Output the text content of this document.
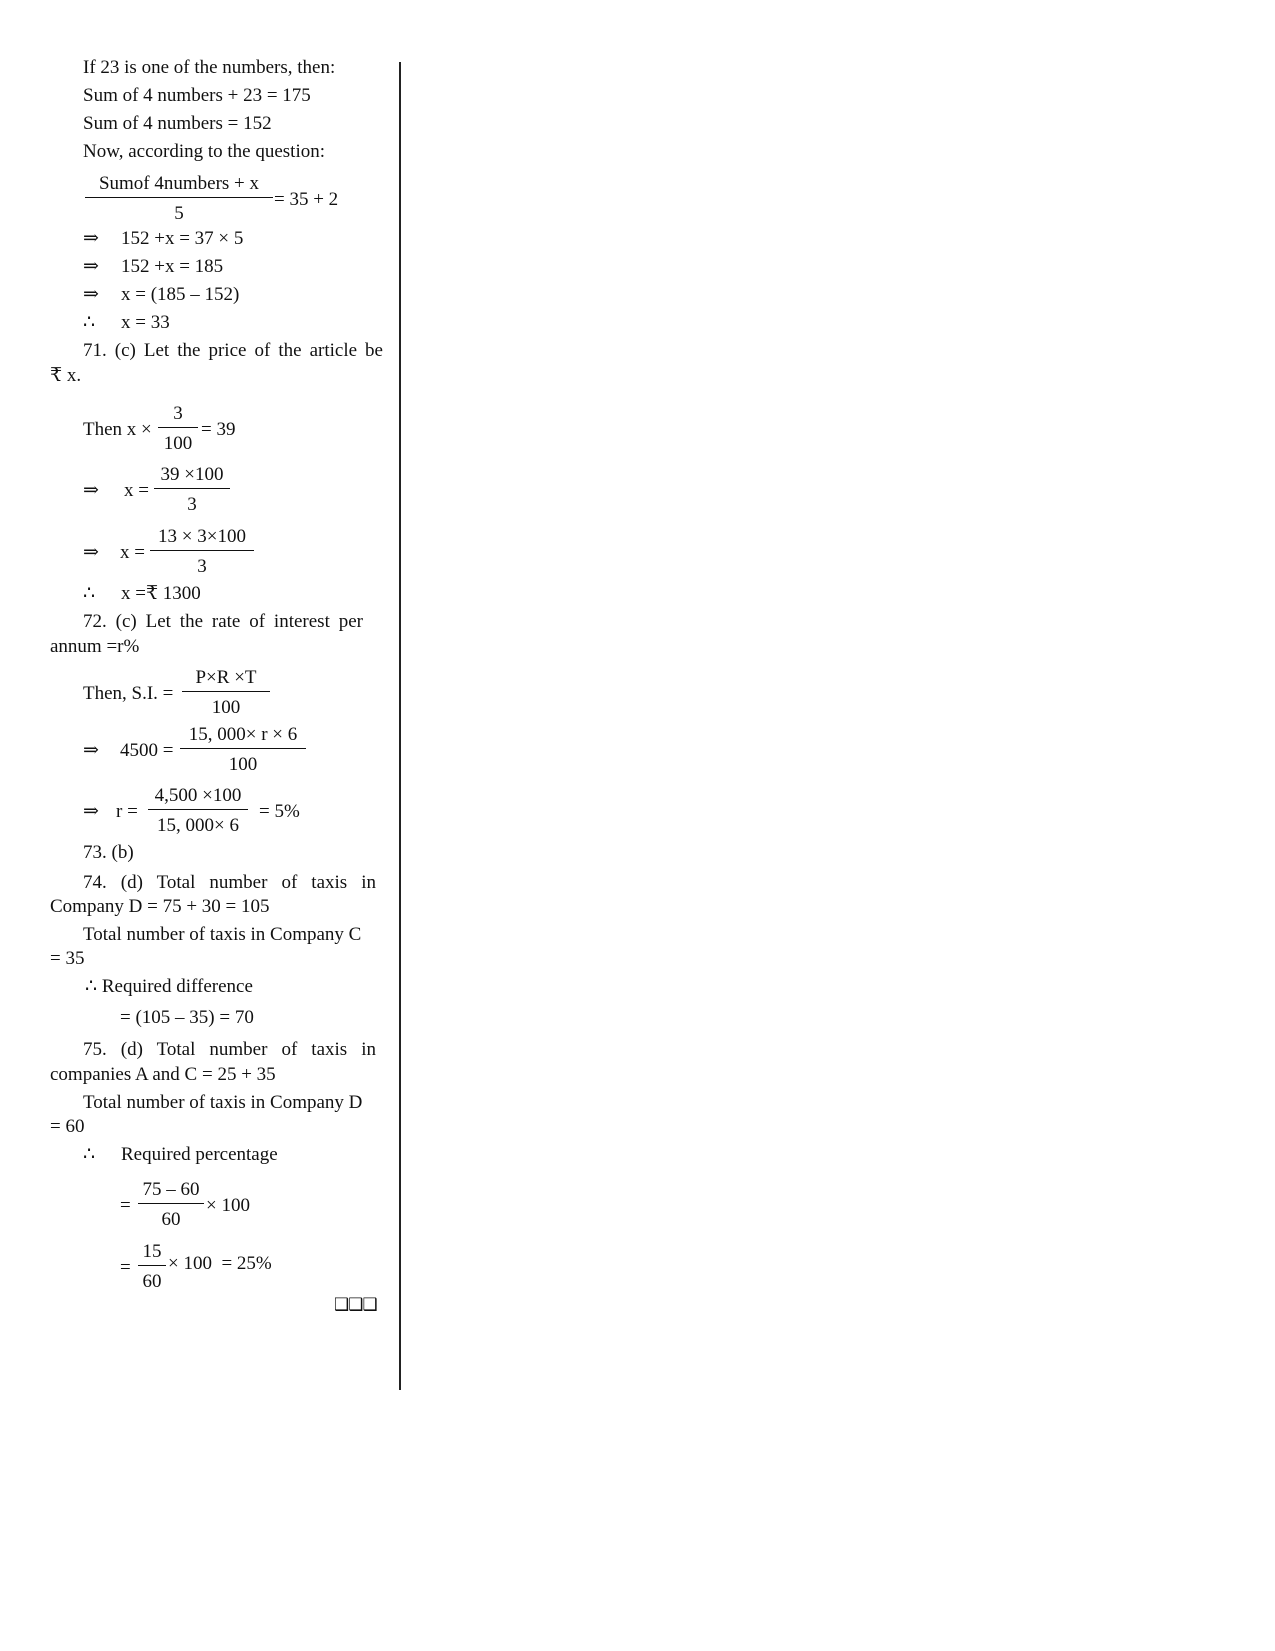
If 23 is one of the numbers, then:
Sum of 4 numbers + 23 = 175
Sum of 4 numbers = 152
Now, according to the question:
Sumof 4numbers + x
5
= 35 + 2
⇒ 152 +x = 37 × 5
⇒ 152 +x = 185
⇒ x = (185 – 152)
∴ x = 33
71. (c) Let the price of the article be
₹ x.
Then $x \times \frac{3}{100} = 39$
⇒ $x = \frac{39 \times 100}{3}$
⇒ $x = \frac{13 \times 3\times 100}{3}$
∴ x =₹ 1300
72. (c) Let the rate of interest per
annum =r%
Then, S.I. = $\frac{P\times R \times T}{100}$
⇒ $4500 = \frac{15, 000\times r \times 6}{100}$
⇒ $r = \frac{4,500 \times 100}{15, 000\times 6} = 5\%$
73. (b)
74. (d) Total number of taxis in
Company D = 75 + 30 = 105
Total number of taxis in Company C
= 35
∴ Required difference
= (105 – 35) = 70
75. (d) Total number of taxis in
companies A and C = 25 + 35
Total number of taxis in Company D
= 60
∴ Required percentage
= $\frac{75 - 60}{60} \times 100$
= $\frac{15}{60} \times 100 = 25\%$
❑❑❑
